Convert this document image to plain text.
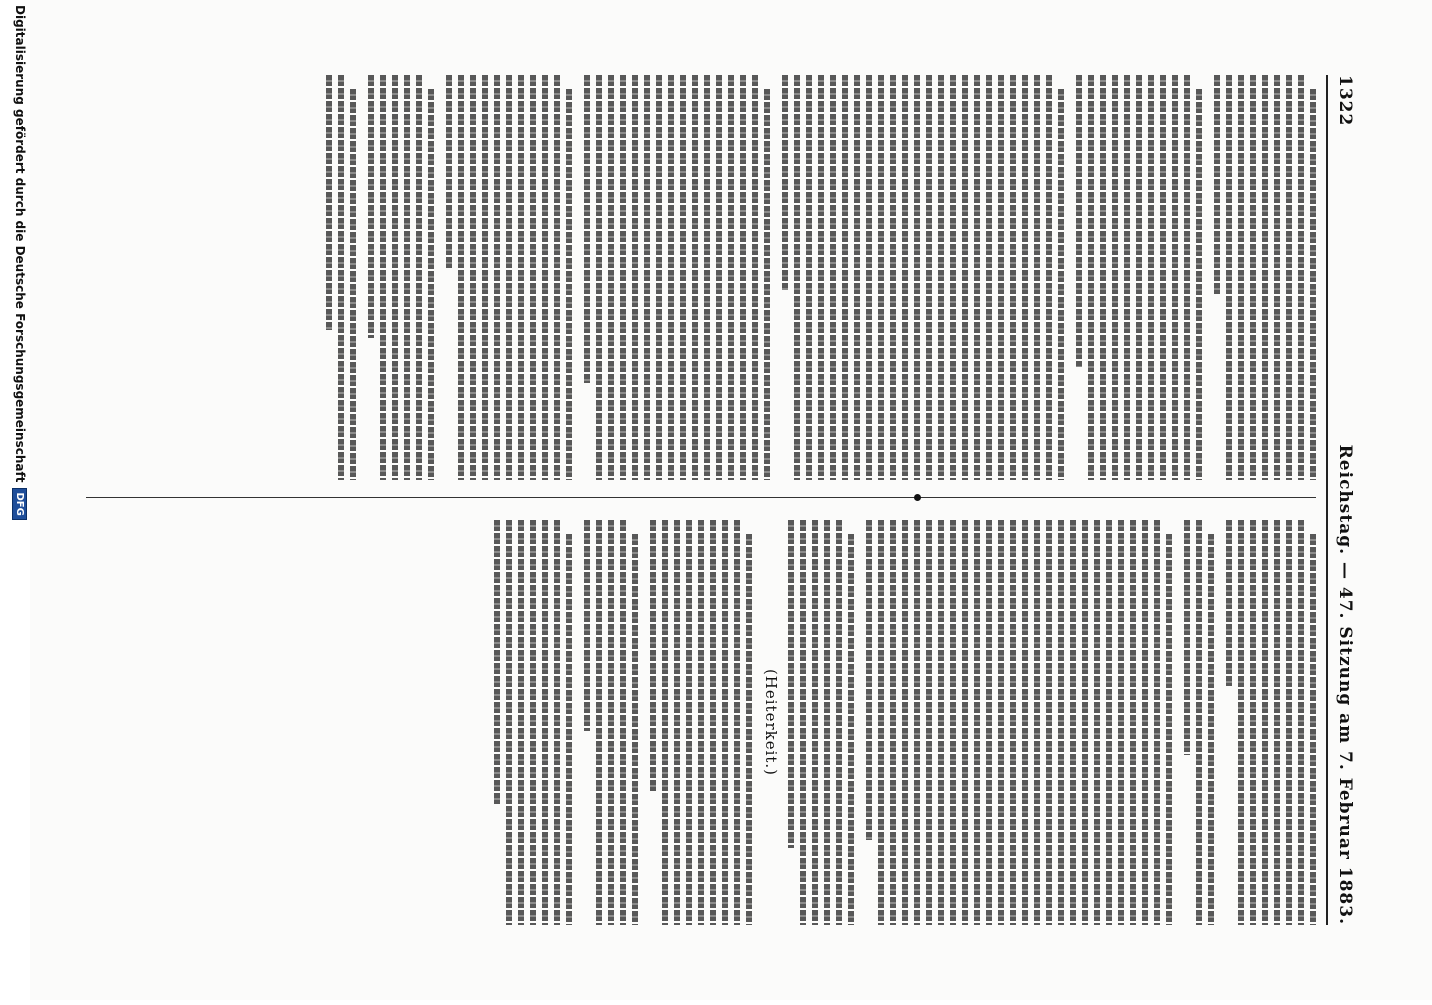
1322
Reichstag. — 47. Sitzung am 7. Februar 1883.
(Heiterkeit.)
Digitalisierung gefördert durch die Deutsche Forschungsgemeinschaft
DFG
